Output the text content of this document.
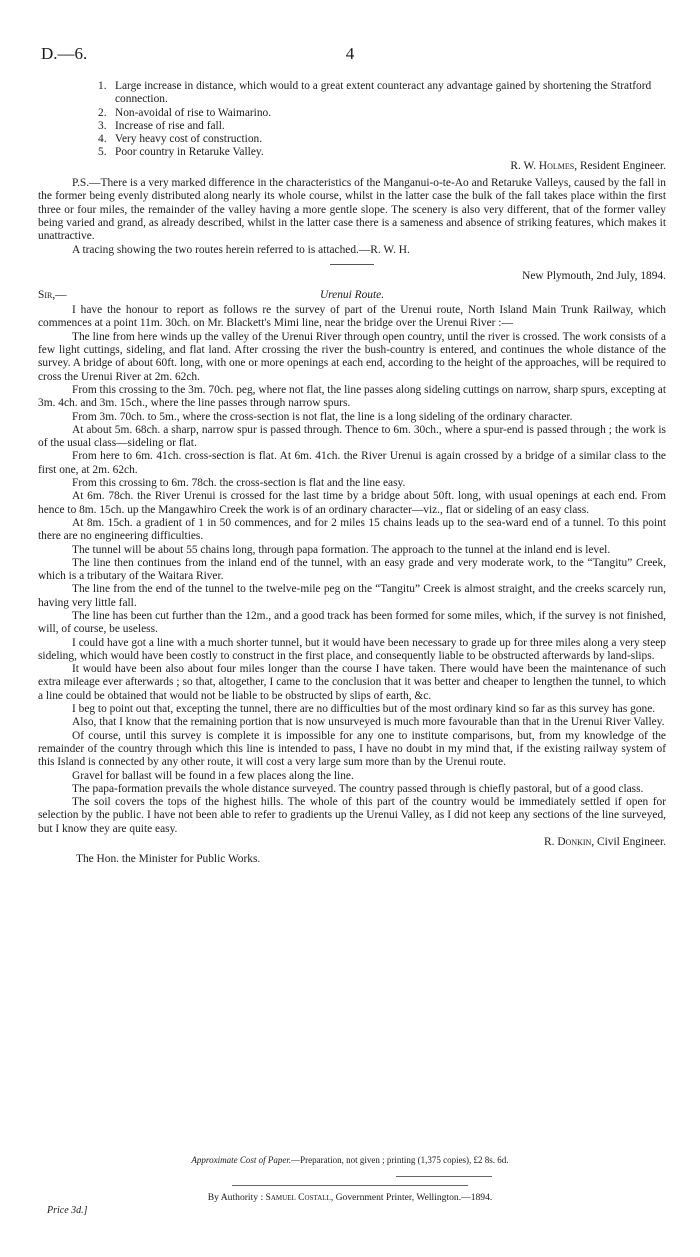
D.—6.	4
1. Large increase in distance, which would to a great extent counteract any advantage gained by shortening the Stratford connection.
2. Non-avoidal of rise to Waimarino.
3. Increase of rise and fall.
4. Very heavy cost of construction.
5. Poor country in Retaruke Valley.
R. W. Holmes, Resident Engineer.

P.S.—There is a very marked difference in the characteristics of the Manganui-o-te-Ao and Retaruke Valleys, caused by the fall in the former being evenly distributed along nearly its whole course, whilst in the latter case the bulk of the fall takes place within the first three or four miles, the remainder of the valley having a more gentle slope. The scenery is also very different, that of the former valley being varied and grand, as already described, whilst in the latter case there is a sameness and absence of striking features, which makes it unattractive.

A tracing showing the two routes herein referred to is attached.—R. W. H.

New Plymouth, 2nd July, 1894.
Sir,—	Urenui Route.

I have the honour to report as follows re the survey of part of the Urenui route, North Island Main Trunk Railway, which commences at a point 11m. 30ch. on Mr. Blackett's Mimi line, near the bridge over the Urenui River :—

The line from here winds up the valley of the Urenui River through open country, until the river is crossed. The work consists of a few light cuttings, sideling, and flat land. After crossing the river the bush-country is entered, and continues the whole distance of the survey. A bridge of about 60ft. long, with one or more openings at each end, according to the height of the approaches, will be required to cross the Urenui River at 2m. 62ch.

From this crossing to the 3m. 70ch. peg, where not flat, the line passes along sideling cuttings on narrow, sharp spurs, excepting at 3m. 4ch. and 3m. 15ch., where the line passes through narrow spurs.

From 3m. 70ch. to 5m., where the cross-section is not flat, the line is a long sideling of the ordinary character.

At about 5m. 68ch. a sharp, narrow spur is passed through. Thence to 6m. 30ch., where a spur-end is passed through ; the work is of the usual class—sideling or flat.

From here to 6m. 41ch. cross-section is flat. At 6m. 41ch. the River Urenui is again crossed by a bridge of a similar class to the first one, at 2m. 62ch.

From this crossing to 6m. 78ch. the cross-section is flat and the line easy.

At 6m. 78ch. the River Urenui is crossed for the last time by a bridge about 50ft. long, with usual openings at each end. From hence to 8m. 15ch. up the Mangawhiro Creek the work is of an ordinary character—viz., flat or sideling of an easy class.

At 8m. 15ch. a gradient of 1 in 50 commences, and for 2 miles 15 chains leads up to the sea-ward end of a tunnel. To this point there are no engineering difficulties.

The tunnel will be about 55 chains long, through papa formation. The approach to the tunnel at the inland end is level.

The line then continues from the inland end of the tunnel, with an easy grade and very moderate work, to the “Tangitu” Creek, which is a tributary of the Waitara River.

The line from the end of the tunnel to the twelve-mile peg on the “Tangitu” Creek is almost straight, and the creeks scarcely run, having very little fall.

The line has been cut further than the 12m., and a good track has been formed for some miles, which, if the survey is not finished, will, of course, be useless.

I could have got a line with a much shorter tunnel, but it would have been necessary to grade up for three miles along a very steep sideling, which would have been costly to construct in the first place, and consequently liable to be obstructed afterwards by land-slips.

It would have been also about four miles longer than the course I have taken. There would have been the maintenance of such extra mileage ever afterwards ; so that, altogether, I came to the conclusion that it was better and cheaper to lengthen the tunnel, to which a line could be obtained that would not be liable to be obstructed by slips of earth, &c.

I beg to point out that, excepting the tunnel, there are no difficulties but of the most ordinary kind so far as this survey has gone.

Also, that I know that the remaining portion that is now unsurveyed is much more favourable than that in the Urenui River Valley.

Of course, until this survey is complete it is impossible for any one to institute comparisons, but, from my knowledge of the remainder of the country through which this line is intended to pass, I have no doubt in my mind that, if the existing railway system of this Island is connected by any other route, it will cost a very large sum more than by the Urenui route.

Gravel for ballast will be found in a few places along the line.

The papa-formation prevails the whole distance surveyed. The country passed through is chiefly pastoral, but of a good class.

The soil covers the tops of the highest hills. The whole of this part of the country would be immediately settled if open for selection by the public. I have not been able to refer to gradients up the Urenui Valley, as I did not keep any sections of the line surveyed, but I know they are quite easy.

R. Donkin, Civil Engineer.
The Hon. the Minister for Public Works.
Approximate Cost of Paper.—Preparation, not given ; printing (1,375 copies), £2 8s. 6d.
By Authority : Samuel Costall, Government Printer, Wellington.—1894.
Price 3d.]
